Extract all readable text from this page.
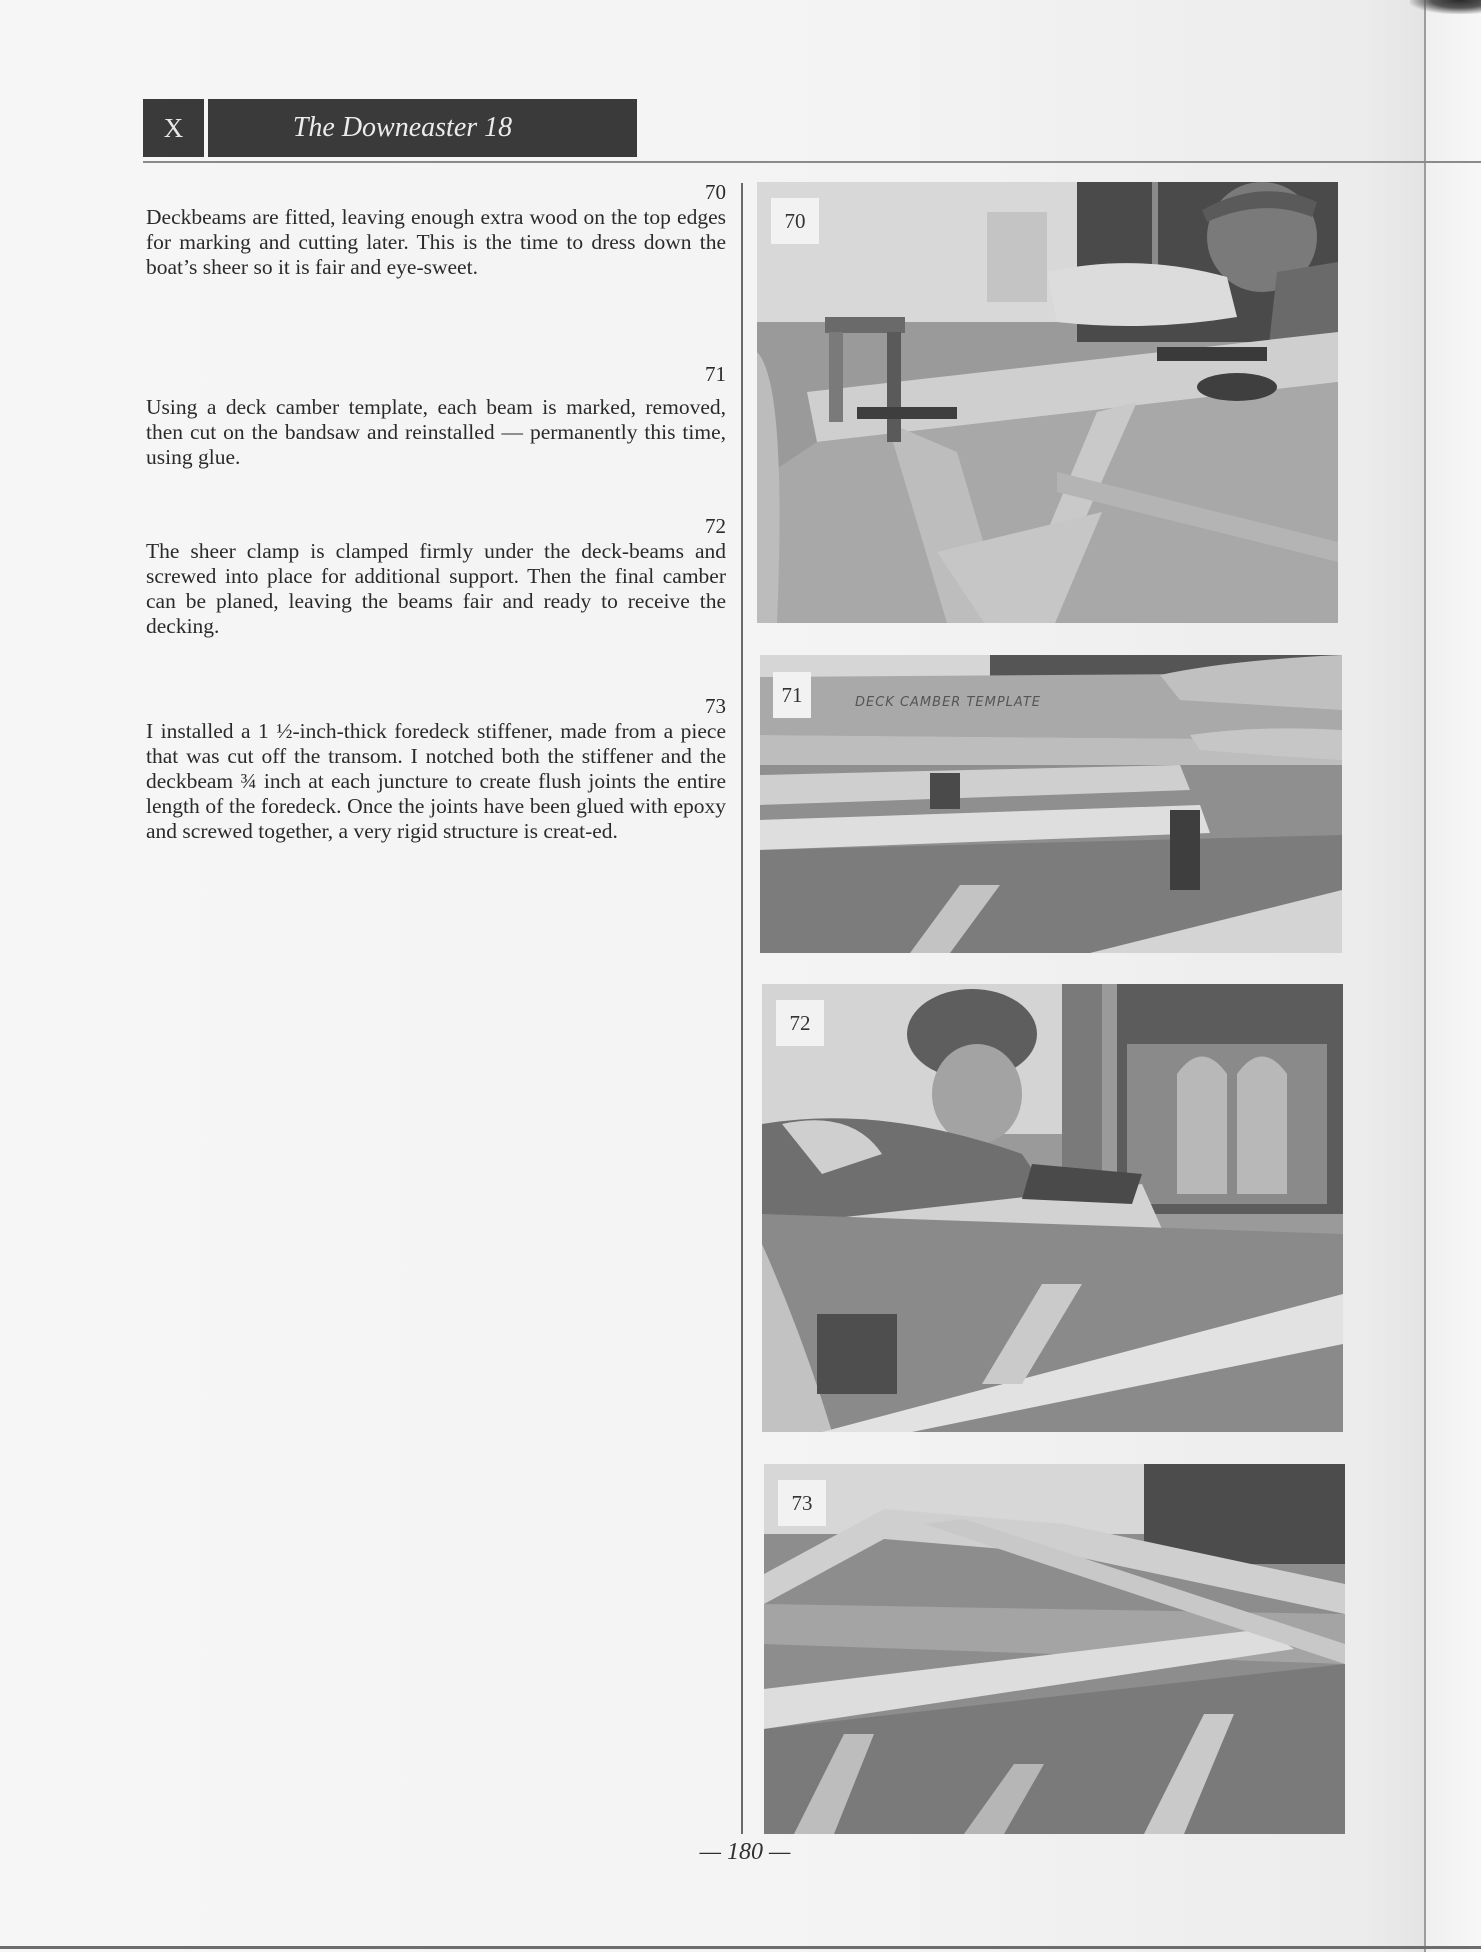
X	The Downeaster 18
70
Deckbeams are fitted, leaving enough extra wood on the top edges for marking and cutting later. This is the time to dress down the boat’s sheer so it is fair and eye-sweet.
71
Using a deck camber template, each beam is marked, removed, then cut on the bandsaw and reinstalled — permanently this time, using glue.
72
The sheer clamp is clamped firmly under the deck-beams and screwed into place for additional support. Then the final camber can be planed, leaving the beams fair and ready to receive the decking.
73
I installed a 1 ½-inch-thick foredeck stiffener, made from a piece that was cut off the transom. I notched both the stiffener and the deckbeam ¾ inch at each juncture to create flush joints the entire length of the foredeck. Once the joints have been glued with epoxy and screwed together, a very rigid structure is creat-ed.
70
DECK CAMBER TEMPLATE
71
72
73
— 180 —
